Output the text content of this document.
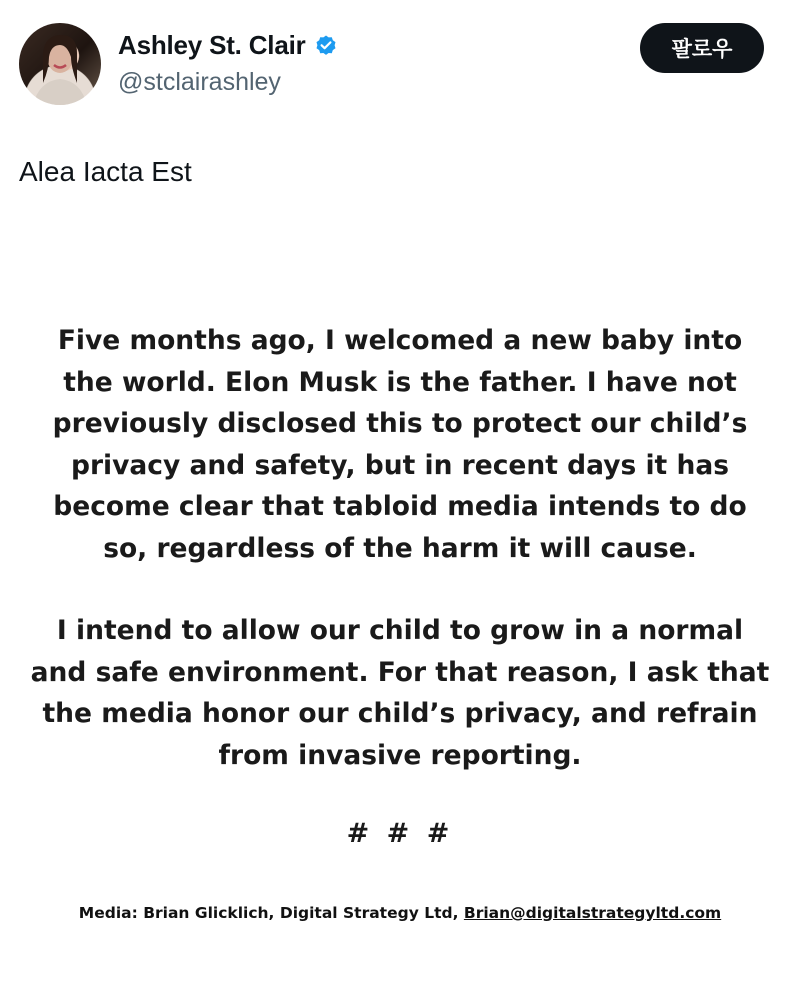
Ashley St. Clair
@stclairashley
팔로우
Alea Iacta Est

Five months ago, I welcomed a new baby into the world. Elon Musk is the father. I have not previously disclosed this to protect our child’s privacy and safety, but in recent days it has become clear that tabloid media intends to do so, regardless of the harm it will cause.

I intend to allow our child to grow in a normal and safe environment. For that reason, I ask that the media honor our child’s privacy, and refrain from invasive reporting.

# # #
Media: Brian Glicklich, Digital Strategy Ltd, Brian@digitalstrategyltd.com
